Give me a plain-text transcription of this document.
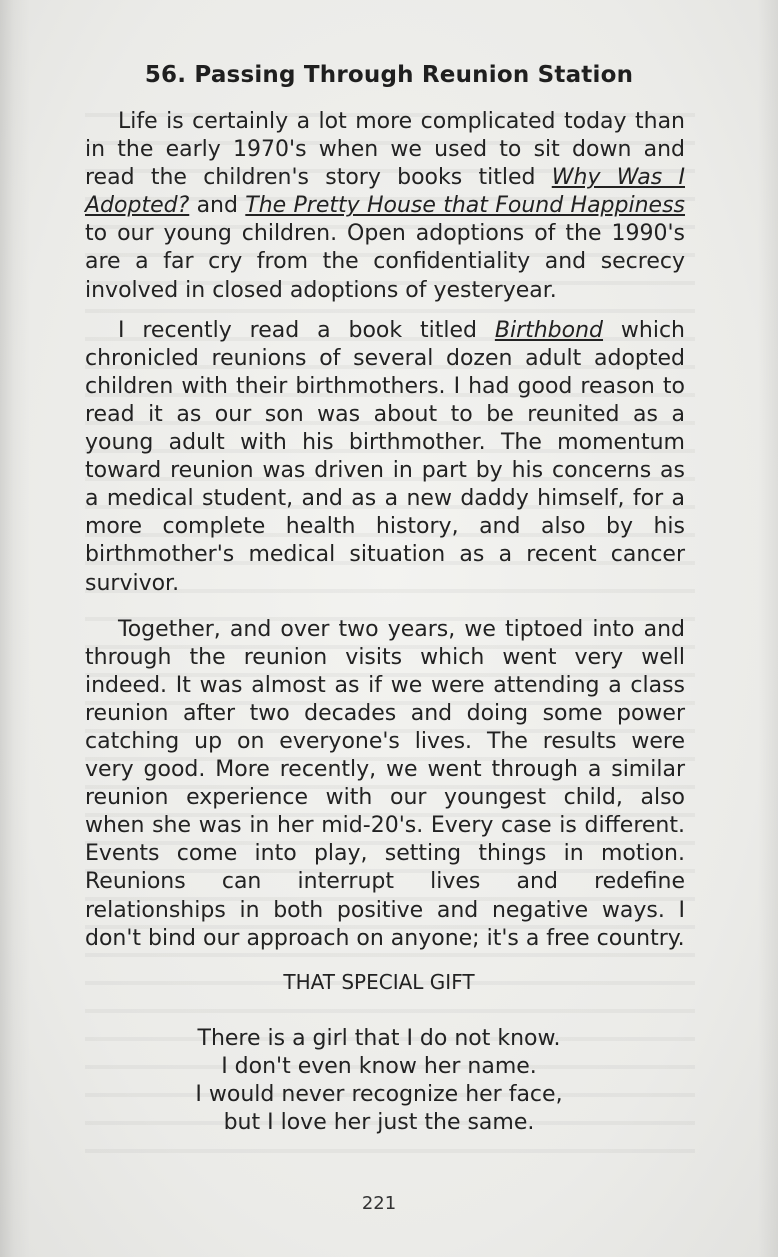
56. Passing Through Reunion Station

Life is certainly a lot more complicated today than in the early 1970's when we used to sit down and read the children's story books titled Why Was I Adopted? and The Pretty House that Found Happiness to our young children. Open adoptions of the 1990's are a far cry from the confidentiality and secrecy involved in closed adoptions of yesteryear.

I recently read a book titled Birthbond which chronicled reunions of several dozen adult adopted children with their birthmothers. I had good reason to read it as our son was about to be reunited as a young adult with his birthmother. The momentum toward reunion was driven in part by his concerns as a medical student, and as a new daddy himself, for a more complete health history, and also by his birthmother's medical situation as a recent cancer survivor.

Together, and over two years, we tiptoed into and through the reunion visits which went very well indeed. It was almost as if we were attending a class reunion after two decades and doing some power catching up on everyone's lives. The results were very good. More recently, we went through a similar reunion experience with our youngest child, also when she was in her mid-20's. Every case is different. Events come into play, setting things in motion. Reunions can interrupt lives and redefine relationships in both positive and negative ways. I don't bind our approach on anyone; it's a free country.

THAT SPECIAL GIFT
There is a girl that I do not know.
I don't even know her name.
I would never recognize her face,
but I love her just the same.
221
